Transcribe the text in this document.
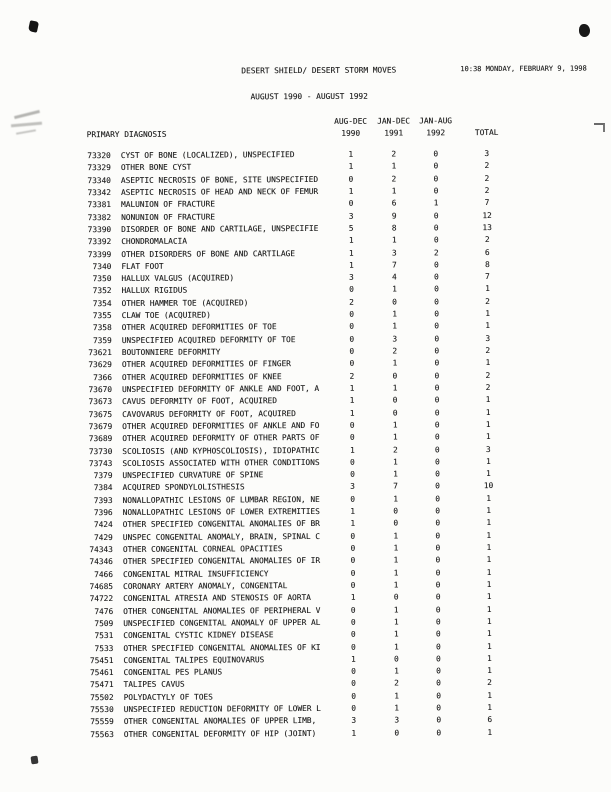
DESERT SHIELD/ DESERT STORM MOVES	10:38 MONDAY, FEBRUARY 9, 1998
AUGUST 1990 - AUGUST 1992
PRIMARY DIAGNOSIS
AUG-DEC	JAN-DEC	JAN-AUG
1990	1991	1992	TOTAL
73320 CYST OF BONE (LOCALIZED), UNSPECIFIED	1	2	0	3
73329 OTHER BONE CYST	1	1	0	2
73340 ASEPTIC NECROSIS OF BONE, SITE UNSPECIFIED	0	2	0	2
73342 ASEPTIC NECROSIS OF HEAD AND NECK OF FEMUR	1	1	0	2
73381 MALUNION OF FRACTURE	0	6	1	7
73382 NONUNION OF FRACTURE	3	9	0	12
73390 DISORDER OF BONE AND CARTILAGE, UNSPECIFIE	5	8	0	13
73392 CHONDROMALACIA	1	1	0	2
73399 OTHER DISORDERS OF BONE AND CARTILAGE	1	3	2	6
7340 FLAT FOOT	1	7	0	8
7350 HALLUX VALGUS (ACQUIRED)	3	4	0	7
7352 HALLUX RIGIDUS	0	1	0	1
7354 OTHER HAMMER TOE (ACQUIRED)	2	0	0	2
7355 CLAW TOE (ACQUIRED)	0	1	0	1
7358 OTHER ACQUIRED DEFORMITIES OF TOE	0	1	0	1
7359 UNSPECIFIED ACQUIRED DEFORMITY OF TOE	0	3	0	3
73621 BOUTONNIERE DEFORMITY	0	2	0	2
73629 OTHER ACQUIRED DEFORMITIES OF FINGER	0	1	0	1
7366 OTHER ACQUIRED DEFORMITIES OF KNEE	2	0	0	2
73670 UNSPECIFIED DEFORMITY OF ANKLE AND FOOT, A	1	1	0	2
73673 CAVUS DEFORMITY OF FOOT, ACQUIRED	1	0	0	1
73675 CAVOVARUS DEFORMITY OF FOOT, ACQUIRED	1	0	0	1
73679 OTHER ACQUIRED DEFORMITIES OF ANKLE AND FO	0	1	0	1
73689 OTHER ACQUIRED DEFORMITY OF OTHER PARTS OF	0	1	0	1
73730 SCOLIOSIS (AND KYPHOSCOLIOSIS), IDIOPATHIC	1	2	0	3
73743 SCOLIOSIS ASSOCIATED WITH OTHER CONDITIONS	0	1	0	1
7379 UNSPECIFIED CURVATURE OF SPINE	0	1	0	1
7384 ACQUIRED SPONDYLOLISTHESIS	3	7	0	10
7393 NONALLOPATHIC LESIONS OF LUMBAR REGION, NE	0	1	0	1
7396 NONALLOPATHIC LESIONS OF LOWER EXTREMITIES	1	0	0	1
7424 OTHER SPECIFIED CONGENITAL ANOMALIES OF BR	1	0	0	1
7429 UNSPEC CONGENITAL ANOMALY, BRAIN, SPINAL C	0	1	0	1
74343 OTHER CONGENITAL CORNEAL OPACITIES	0	1	0	1
74346 OTHER SPECIFIED CONGENITAL ANOMALIES OF IR	0	1	0	1
7466 CONGENITAL MITRAL INSUFFICIENCY	0	1	0	1
74685 CORONARY ARTERY ANOMALY, CONGENITAL	0	1	0	1
74722 CONGENITAL ATRESIA AND STENOSIS OF AORTA	1	0	0	1
7476 OTHER CONGENITAL ANOMALIES OF PERIPHERAL V	0	1	0	1
7509 UNSPECIFIED CONGENITAL ANOMALY OF UPPER AL	0	1	0	1
7531 CONGENITAL CYSTIC KIDNEY DISEASE	0	1	0	1
7533 OTHER SPECIFIED CONGENITAL ANOMALIES OF KI	0	1	0	1
75451 CONGENITAL TALIPES EQUINOVARUS	1	0	0	1
75461 CONGENITAL PES PLANUS	0	1	0	1
75471 TALIPES CAVUS	0	2	0	2
75502 POLYDACTYLY OF TOES	0	1	0	1
75530 UNSPECIFIED REDUCTION DEFORMITY OF LOWER L	0	1	0	1
75559 OTHER CONGENITAL ANOMALIES OF UPPER LIMB,	3	3	0	6
75563 OTHER CONGENITAL DEFORMITY OF HIP (JOINT)	1	0	0	1
